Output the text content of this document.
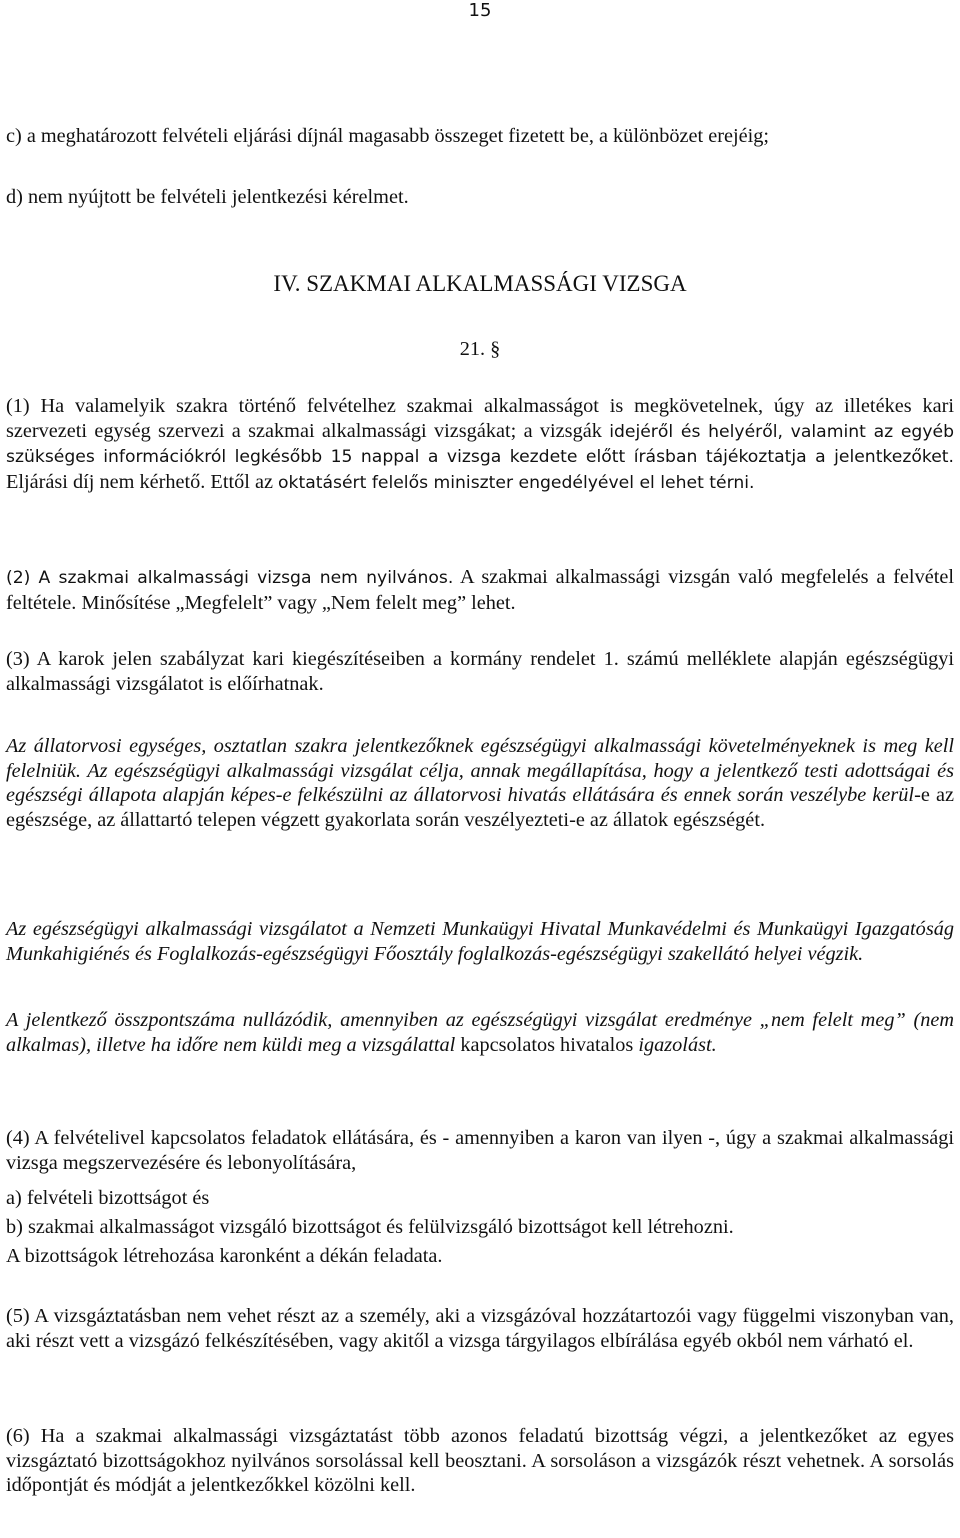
15
c) a meghatározott felvételi eljárási díjnál magasabb összeget fizetett be, a különbözet erejéig;
d) nem nyújtott be felvételi jelentkezési kérelmet.
IV. SZAKMAI ALKALMASSÁGI VIZSGA
21. §
(1) Ha valamelyik szakra történő felvételhez szakmai alkalmasságot is megkövetelnek, úgy az illetékes kari szervezeti egység szervezi a szakmai alkalmassági vizsgákat; a vizsgák idejéről és helyéről, valamint az egyéb szükséges információkról legkésőbb 15 nappal a vizsga kezdete előtt írásban tájékoztatja a jelentkezőket. Eljárási díj nem kérhető. Ettől az oktatásért felelős miniszter engedélyével el lehet térni.
(2) A szakmai alkalmassági vizsga nem nyilvános. A szakmai alkalmassági vizsgán való megfelelés a felvétel feltétele. Minősítése „Megfelelt” vagy „Nem felelt meg” lehet.
(3) A karok jelen szabályzat kari kiegészítéseiben a kormány rendelet 1. számú melléklete alapján egészségügyi alkalmassági vizsgálatot is előírhatnak.
Az állatorvosi egységes, osztatlan szakra jelentkezőknek egészségügyi alkalmassági követelményeknek is meg kell felelniük. Az egészségügyi alkalmassági vizsgálat célja, annak megállapítása, hogy a jelentkező testi adottságai és egészségi állapota alapján képes-e felkészülni az állatorvosi hivatás ellátására és ennek során veszélybe kerül-e az egészsége, az állattartó telepen végzett gyakorlata során veszélyezteti-e az állatok egészségét.
Az egészségügyi alkalmassági vizsgálatot a Nemzeti Munkaügyi Hivatal Munkavédelmi és Munkaügyi Igazgatóság Munkahigiénés és Foglalkozás-egészségügyi Főosztály foglalkozás-egészségügyi szakellátó helyei végzik.
A jelentkező összpontszáma nullázódik, amennyiben az egészségügyi vizsgálat eredménye „nem felelt meg” (nem alkalmas), illetve ha időre nem küldi meg a vizsgálattal kapcsolatos hivatalos igazolást.
(4) A felvételivel kapcsolatos feladatok ellátására, és - amennyiben a karon van ilyen -, úgy a szakmai alkalmassági vizsga megszervezésére és lebonyolítására,
a) felvételi bizottságot és
b) szakmai alkalmasságot vizsgáló bizottságot és felülvizsgáló bizottságot kell létrehozni.
A bizottságok létrehozása karonként a dékán feladata.
(5) A vizsgáztatásban nem vehet részt az a személy, aki a vizsgázóval hozzátartozói vagy függelmi viszonyban van, aki részt vett a vizsgázó felkészítésében, vagy akitől a vizsga tárgyilagos elbírálása egyéb okból nem várható el.
(6) Ha a szakmai alkalmassági vizsgáztatást több azonos feladatú bizottság végzi, a jelentkezőket az egyes vizsgáztató bizottságokhoz nyilvános sorsolással kell beosztani. A sorsoláson a vizsgázók részt vehetnek. A sorsolás időpontját és módját a jelentkezőkkel közölni kell.
